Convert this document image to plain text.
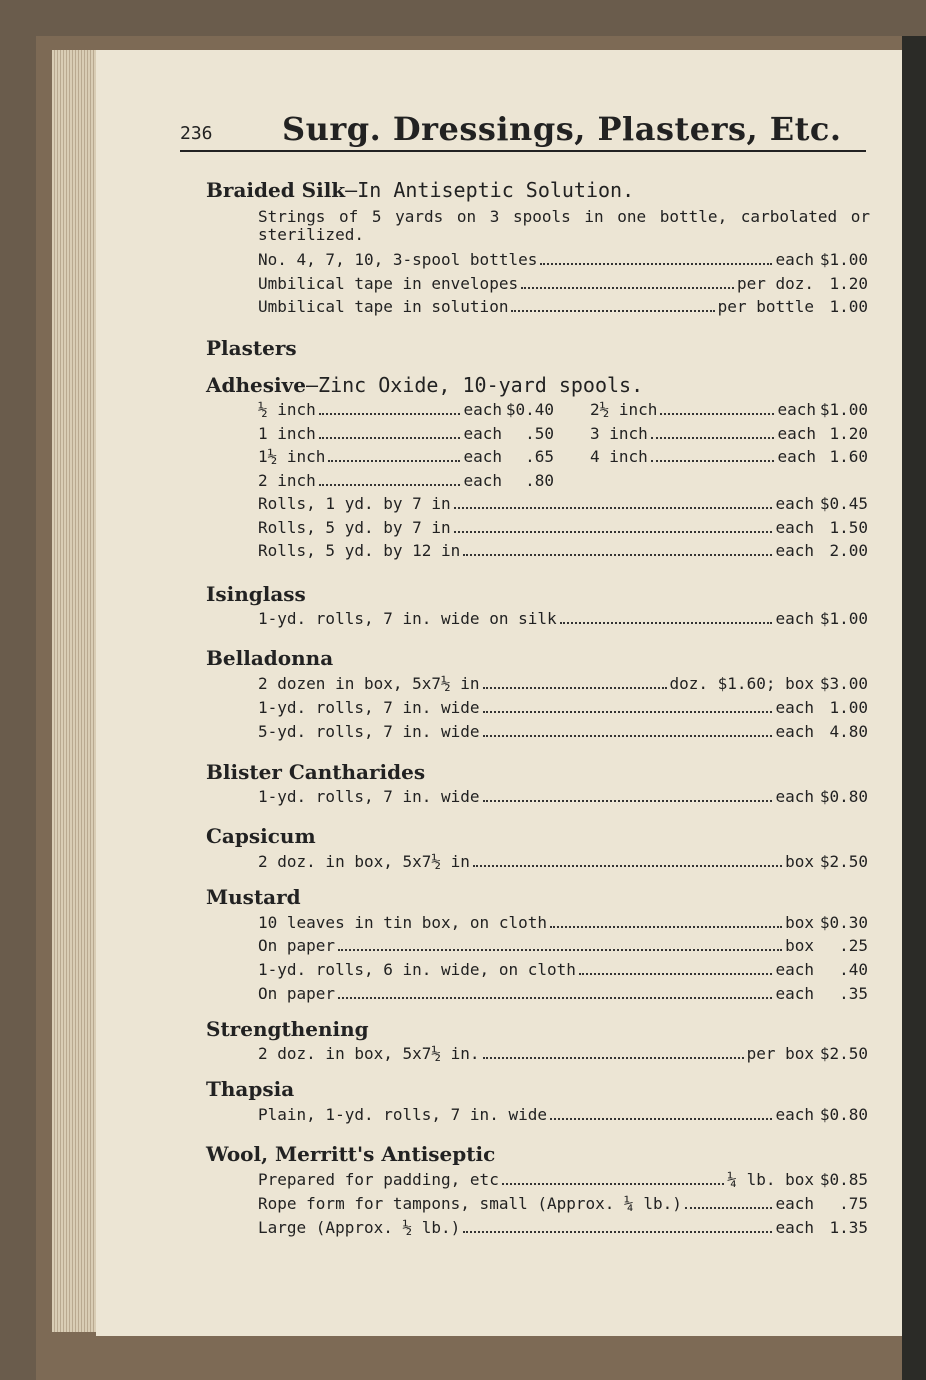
236 Surg. Dressings, Plasters, Etc.
Braided Silk—In Antiseptic Solution.
Strings of 5 yards on 3 spools in one bottle, carbolated or sterilized.
No. 4, 7, 10, 3-spool bottles	each $1.00
Umbilical tape in envelopes	per doz. 1.20
Umbilical tape in solution	per bottle 1.00
Plasters
Adhesive—Zinc Oxide, 10-yard spools.
½ inch	each $0.40
1 inch	each	.50
1½ inch	each	.65
2 inch	each	.80
2½ inch	each $1.00
3 inch	each 1.20
4 inch	each 1.60
Rolls, 1 yd. by 7 in	each $0.45
Rolls, 5 yd. by 7 in	each 1.50
Rolls, 5 yd. by 12 in	each 2.00
Isinglass
1-yd. rolls, 7 in. wide on silk	each $1.00
Belladonna
2 dozen in box, 5x7½ in	doz. $1.60; box $3.00
1-yd. rolls, 7 in. wide	each 1.00
5-yd. rolls, 7 in. wide	each 4.80
Blister Cantharides
1-yd. rolls, 7 in. wide	each $0.80
Capsicum
2 doz. in box, 5x7½ in	box $2.50
Mustard
10 leaves in tin box, on cloth	box $0.30
On paper	box	.25
1-yd. rolls, 6 in. wide, on cloth	each	.40
On paper	each	.35
Strengthening
2 doz. in box, 5x7½ in.	per box $2.50
Thapsia
Plain, 1-yd. rolls, 7 in. wide	each $0.80
Wool, Merritt's Antiseptic
Prepared for padding, etc	¼ lb. box $0.85
Rope form for tampons, small (Approx. ¼ lb.)	each	.75
Large (Approx. ½ lb.)	each 1.35
